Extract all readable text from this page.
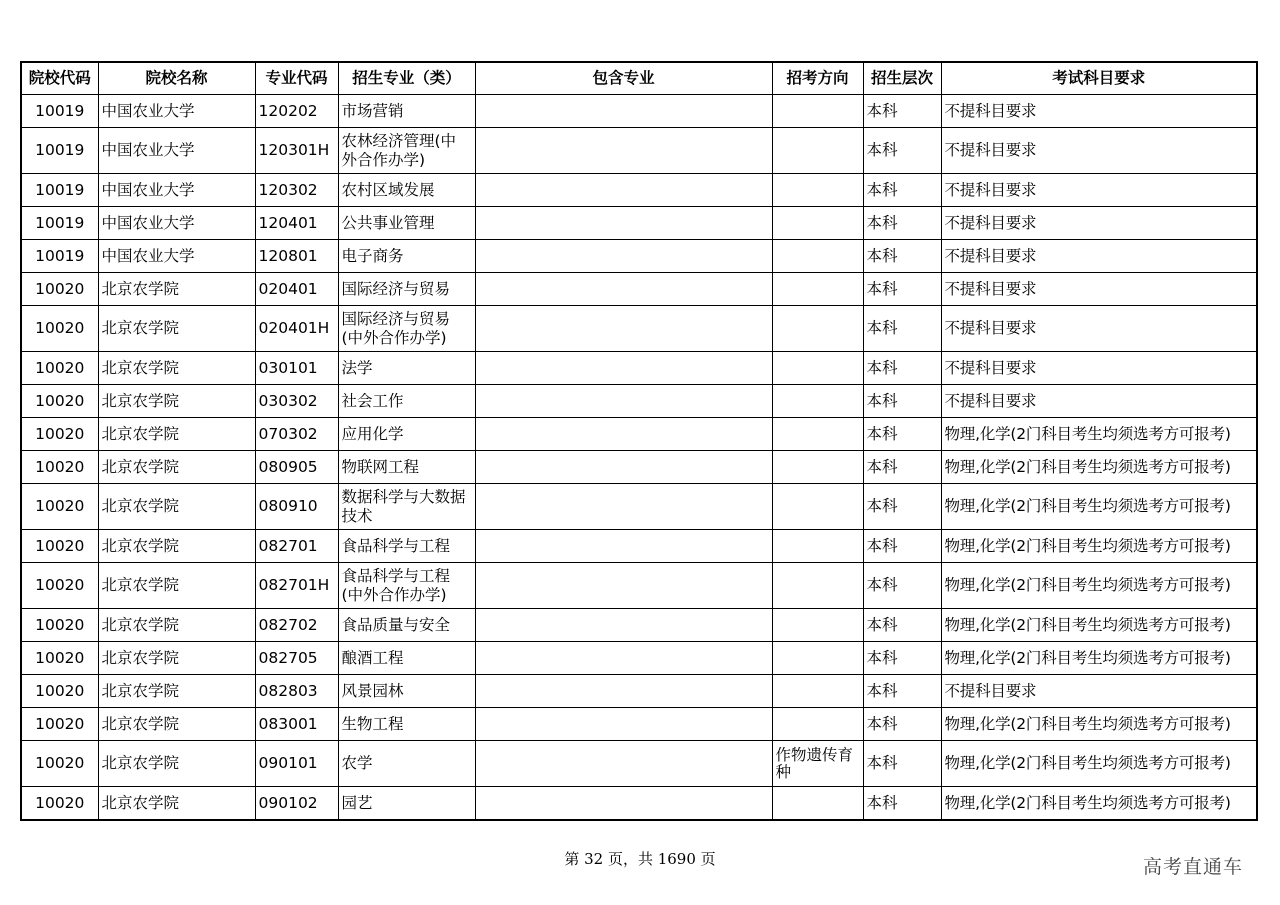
院校代码	院校名称	专业代码	招生专业（类）	包含专业	招考方向	招生层次	考试科目要求
10019	中国农业大学	120202	市场营销			本科	不提科目要求
10019	中国农业大学	120301H	农林经济管理(中外合作办学)			本科	不提科目要求
10019	中国农业大学	120302	农村区域发展			本科	不提科目要求
10019	中国农业大学	120401	公共事业管理			本科	不提科目要求
10019	中国农业大学	120801	电子商务			本科	不提科目要求
10020	北京农学院	020401	国际经济与贸易			本科	不提科目要求
10020	北京农学院	020401H	国际经济与贸易(中外合作办学)			本科	不提科目要求
10020	北京农学院	030101	法学			本科	不提科目要求
10020	北京农学院	030302	社会工作			本科	不提科目要求
10020	北京农学院	070302	应用化学			本科	物理,化学(2门科目考生均须选考方可报考)
10020	北京农学院	080905	物联网工程			本科	物理,化学(2门科目考生均须选考方可报考)
10020	北京农学院	080910	数据科学与大数据技术			本科	物理,化学(2门科目考生均须选考方可报考)
10020	北京农学院	082701	食品科学与工程			本科	物理,化学(2门科目考生均须选考方可报考)
10020	北京农学院	082701H	食品科学与工程(中外合作办学)			本科	物理,化学(2门科目考生均须选考方可报考)
10020	北京农学院	082702	食品质量与安全			本科	物理,化学(2门科目考生均须选考方可报考)
10020	北京农学院	082705	酿酒工程			本科	物理,化学(2门科目考生均须选考方可报考)
10020	北京农学院	082803	风景园林			本科	不提科目要求
10020	北京农学院	083001	生物工程			本科	物理,化学(2门科目考生均须选考方可报考)
10020	北京农学院	090101	农学		作物遗传育种	本科	物理,化学(2门科目考生均须选考方可报考)
10020	北京农学院	090102	园艺			本科	物理,化学(2门科目考生均须选考方可报考)
第 32 页，共 1690 页	高考直通车
